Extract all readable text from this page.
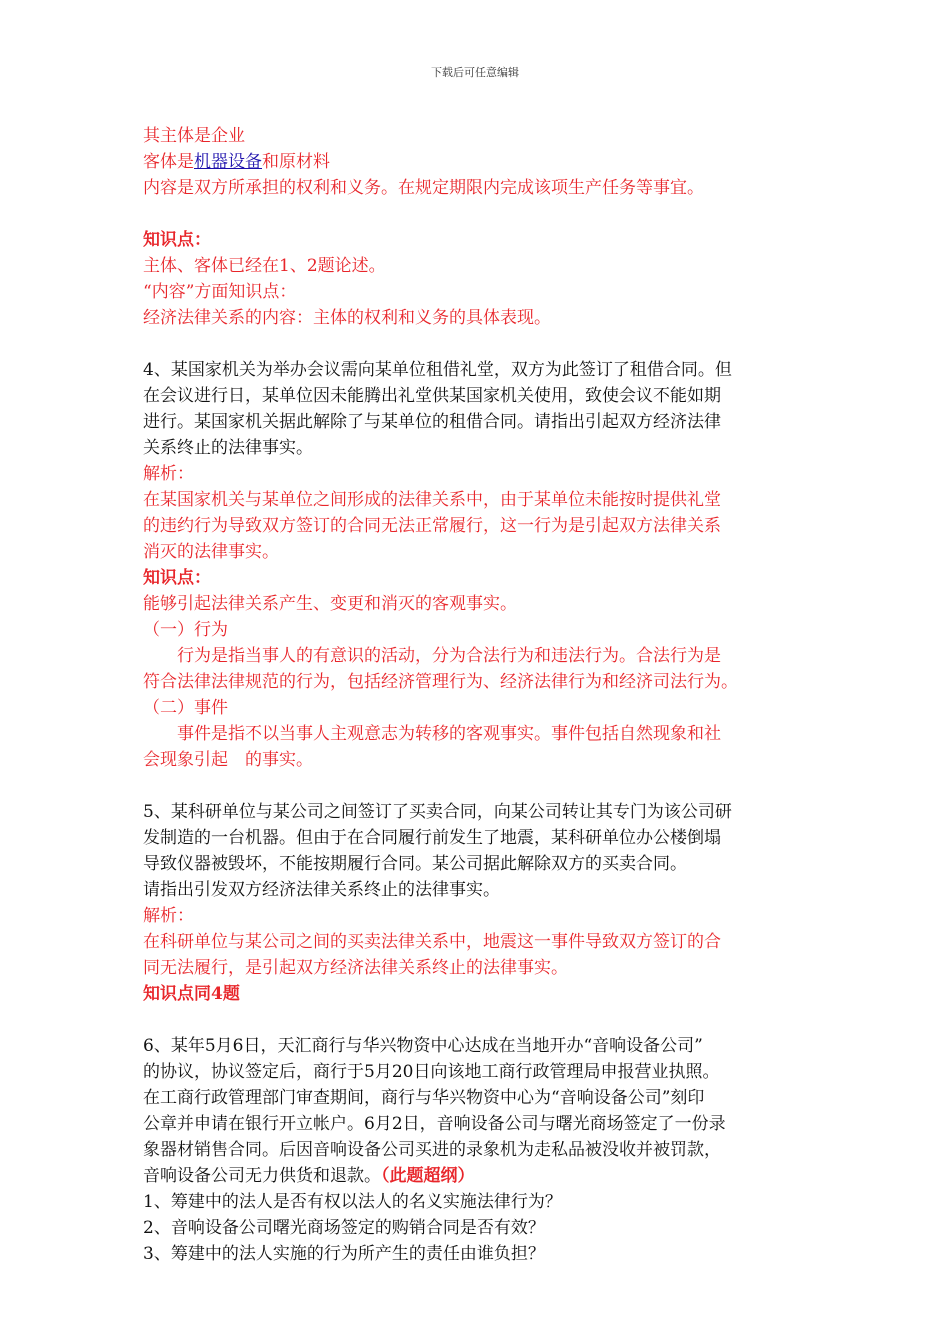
下载后可任意编辑

其主体是企业

客体是机器设备和原材料

内容是双方所承担的权利和义务。在规定期限内完成该项生产任务等事宜。

知识点：

主体、客体已经在1、2题论述。

“内容”方面知识点：

经济法律关系的内容：主体的权利和义务的具体表现。

4、某国家机关为举办会议需向某单位租借礼堂，双方为此签订了租借合同。但

在会议进行日，某单位因未能腾出礼堂供某国家机关使用，致使会议不能如期

进行。某国家机关据此解除了与某单位的租借合同。请指出引起双方经济法律

关系终止的法律事实。

解析：

在某国家机关与某单位之间形成的法律关系中，由于某单位未能按时提供礼堂

的违约行为导致双方签订的合同无法正常履行，这一行为是引起双方法律关系

消灭的法律事实。

知识点：

能够引起法律关系产生、变更和消灭的客观事实。

（一）行为

行为是指当事人的有意识的活动，分为合法行为和违法行为。合法行为是

符合法律法律规范的行为，包括经济管理行为、经济法律行为和经济司法行为。

（二）事件

事件是指不以当事人主观意志为转移的客观事实。事件包括自然现象和社

会现象引起　的事实。

5、某科研单位与某公司之间签订了买卖合同，向某公司转让其专门为该公司研

发制造的一台机器。但由于在合同履行前发生了地震，某科研单位办公楼倒塌

导致仪器被毁坏，不能按期履行合同。某公司据此解除双方的买卖合同。

请指出引发双方经济法律关系终止的法律事实。

解析：

在科研单位与某公司之间的买卖法律关系中，地震这一事件导致双方签订的合

同无法履行，是引起双方经济法律关系终止的法律事实。

知识点同4题

6、某年5月6日，天汇商行与华兴物资中心达成在当地开办“音响设备公司”

的协议，协议签定后，商行于5月20日向该地工商行政管理局申报营业执照。

在工商行政管理部门审查期间，商行与华兴物资中心为“音响设备公司”刻印

公章并申请在银行开立帐户。6月2日，音响设备公司与曙光商场签定了一份录

象器材销售合同。后因音响设备公司买进的录象机为走私品被没收并被罚款，

音响设备公司无力供货和退款。（此题超纲）

1、筹建中的法人是否有权以法人的名义实施法律行为？

2、音响设备公司曙光商场签定的购销合同是否有效？

3、筹建中的法人实施的行为所产生的责任由谁负担？
